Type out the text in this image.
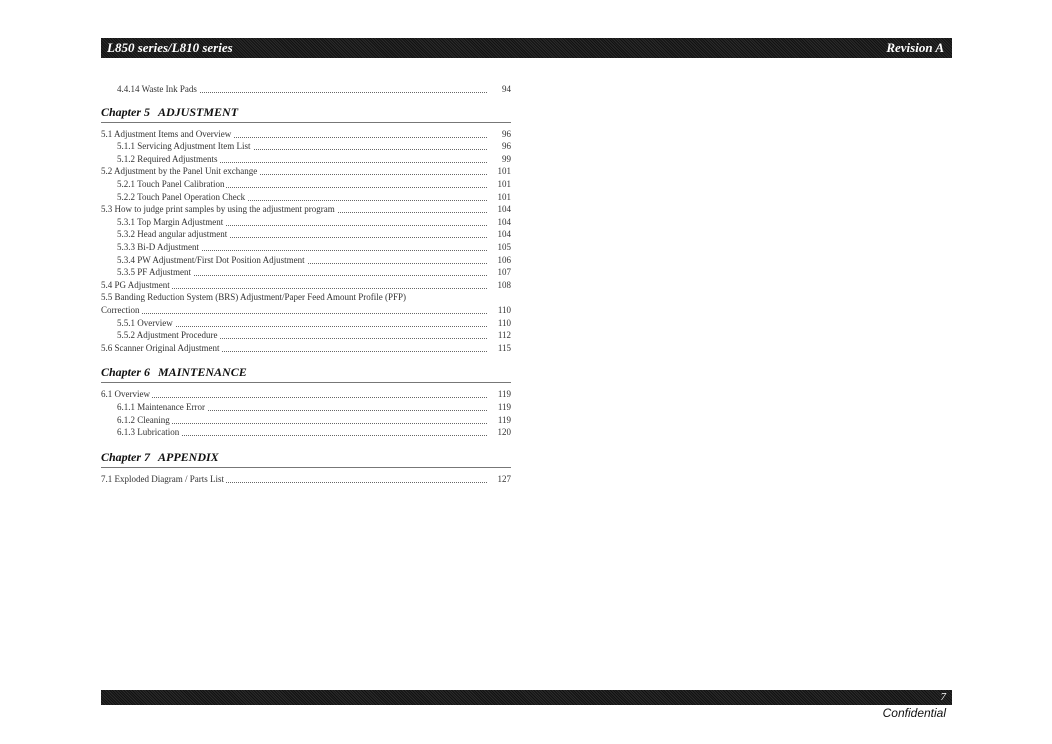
L850 series/L810 series	Revision A
4.4.14 Waste Ink Pads	94
Chapter 5 ADJUSTMENT
5.1 Adjustment Items and Overview	96
5.1.1 Servicing Adjustment Item List	96
5.1.2 Required Adjustments	99
5.2 Adjustment by the Panel Unit exchange	101
5.2.1 Touch Panel Calibration	101
5.2.2 Touch Panel Operation Check	101
5.3 How to judge print samples by using the adjustment program	104
5.3.1 Top Margin Adjustment	104
5.3.2 Head angular adjustment	104
5.3.3 Bi-D Adjustment	105
5.3.4 PW Adjustment/First Dot Position Adjustment	106
5.3.5 PF Adjustment	107
5.4 PG Adjustment	108
5.5 Banding Reduction System (BRS) Adjustment/Paper Feed Amount Profile (PFP)
Correction	110
5.5.1 Overview	110
5.5.2 Adjustment Procedure	112
5.6 Scanner Original Adjustment	115
Chapter 6 MAINTENANCE
6.1 Overview	119
6.1.1 Maintenance Error	119
6.1.2 Cleaning	119
6.1.3 Lubrication	120
Chapter 7 APPENDIX
7.1 Exploded Diagram / Parts List	127
7
Confidential
